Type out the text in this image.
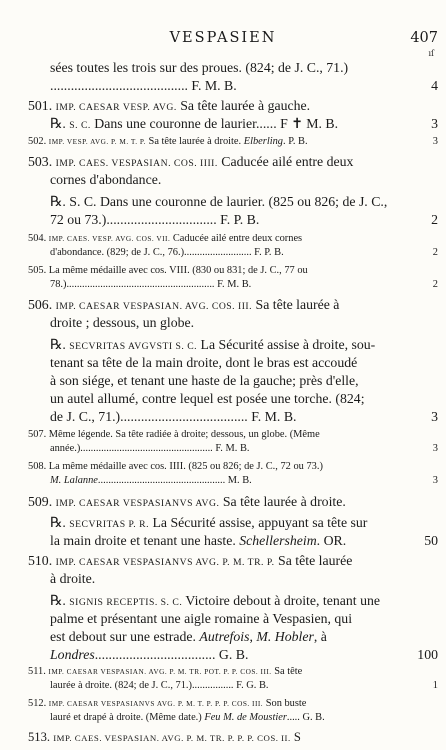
VESPASIEN	407
ıſ
sées toutes les trois sur des proues. (824; de J. C., 71.)
........................................ F. M. B.	4
501. IMP. CAESAR VESP. AVG. Sa tête laurée à gauche.
℞. S. C. Dans une couronne de laurier...... F ✝ M. B.	3
502. IMP. VESP. AVG. P. M. T. P. Sa tête laurée à droite. Elberling. P. B.	3
503. IMP. CAES. VESPASIAN. COS. IIII. Caducée ailé entre deux
cornes d'abondance.
℞. S. C. Dans une couronne de laurier. (825 ou 826; de J. C.,
72 ou 73.)................................ F. P. B.	2
504. IMP. CAES. VESP. AVG. COS. VII. Caducée ailé entre deux cornes
d'abondance. (829; de J. C., 76.).......................... F. P. B.	2
505. La même médaille avec cos. VIII. (830 ou 831; de J. C., 77 ou
78.)......................................................... F. M. B.	2
506. IMP. CAESAR VESPASIAN. AVG. COS. III. Sa tête laurée à
droite ; dessous, un globe.
℞. SECVRITAS AVGVSTI S. C. La Sécurité assise à droite, sou-
tenant sa tête de la main droite, dont le bras est accoudé
à son siége, et tenant une haste de la gauche; près d'elle,
un autel allumé, contre lequel est posée une torche. (824;
de J. C., 71.)..................................... F. M. B.	3
507. Même légende. Sa tête radiée à droite; dessous, un globe. (Même
année.)................................................... F. M. B.	3
508. La même médaille avec cos. IIII. (825 ou 826; de J. C., 72 ou 73.)
M. Lalanne................................................. M. B.	3
509. IMP. CAESAR VESPASIANVS AVG. Sa tête laurée à droite.
℞. SECVRITAS P. R. La Sécurité assise, appuyant sa tête sur
la main droite et tenant une haste. Schellersheim. OR.	50
510. IMP. CAESAR VESPASIANVS AVG. P. M. TR. P. Sa tête laurée
à droite.
℞. SIGNIS RECEPTIS. S. C. Victoire debout à droite, tenant une
palme et présentant une aigle romaine à Vespasien, qui
est debout sur une estrade. Autrefois, M. Hobler, à
Londres................................... G. B.	100
511. IMP. CAESAR VESPASIAN. AVG. P. M. TR. POT. P. P. COS. III. Sa tête
laurée à droite. (824; de J. C., 71.)................ F. G. B.	1
512. IMP. CAESAR VESPASIANVS AVG. P. M. T. P. P. P. COS. III. Son buste
lauré et drapé à droite. (Même date.) Feu M. de Moustier..... G. B.
513. IMP. CAES. VESPASIAN. AVG. P. M. TR. P. P. P. COS. II. S
